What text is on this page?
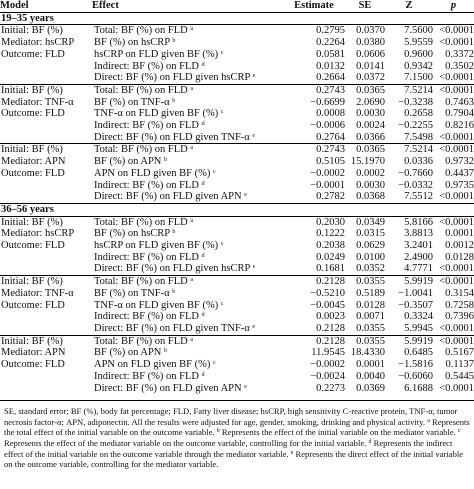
Model	Effect	Estimate	SE	Z	p
19–35 years					
Initial: BF (%)	Total: BF (%) on FLD $^a$	0.2795	0.0370	7.5600	<0.0001
Mediator: hsCRP	BF (%) on hsCRP $^b$	0.2264	0.0380	5.9559	<0.0001
Outcome: FLD	hsCRP on FLD given BF (%) $^c$	0.0581	0.0606	0.9600	0.3372
	Indirect: BF (%) on FLD $^d$	0.0132	0.0141	0.9342	0.3502
	Direct: BF (%) on FLD given hsCRP $^e$	0.2664	0.0372	7.1500	<0.0001
Initial: BF (%)	Total: BF (%) on FLD $^a$	0.2743	0.0365	7.5214	<0.0001
Mediator: TNF-α	BF (%) on TNF-α $^b$	−0.6699	2.0690	−0.3238	0.7463
Outcome: FLD	TNF-α on FLD given BF (%) $^c$	0.0008	0.0030	0.2658	0.7904
	Indirect: BF (%) on FLD $^d$	−0.0006	0.0024	−0.2255	0.8216
	Direct: BF (%) on FLD given TNF-α $^e$	0.2764	0.0366	7.5498	<0.0001
Initial: BF (%)	Total: BF (%) on FLD $^a$	0.2743	0.0365	7.5214	<0.0001
Mediator: APN	BF (%) on APN $^b$	0.5105	15.1970	0.0336	0.9732
Outcome: FLD	APN on FLD given BF (%) $^c$	−0.0002	0.0002	−0.7660	0.4437
	Indirect: BF (%) on FLD $^d$	−0.0001	0.0030	−0.0332	0.9735
	Direct: BF (%) on FLD given APN $^e$	0.2782	0.0368	7.5512	<0.0001
36–56 years					
Initial: BF (%)	Total: BF (%) on FLD $^a$	0.2030	0.0349	5.8166	<0.0001
Mediator: hsCRP	BF (%) on hsCRP $^b$	0.1222	0.0315	3.8813	0.0001
Outcome: FLD	hsCRP on FLD given BF (%) $^c$	0.2038	0.0629	3.2401	0.0012
	Indirect: BF (%) on FLD $^d$	0.0249	0.0100	2.4900	0.0128
	Direct: BF (%) on FLD given hsCRP $^e$	0.1681	0.0352	4.7771	<0.0001
Initial: BF (%)	Total: BF (%) on FLD $^a$	0.2128	0.0355	5.9919	<0.0001
Mediator: TNF-α	BF (%) on TNF-α $^b$	−0.5210	0.5189	−1.0041	0.3154
Outcome: FLD	TNF-α on FLD given BF (%) $^c$	−0.0045	0.0128	−0.3507	0.7258
	Indirect: BF (%) on FLD $^d$	0.0023	0.0071	0.3324	0.7396
	Direct: BF (%) on FLD given TNF-α $^e$	0.2128	0.0355	5.9945	<0.0001
Initial: BF (%)	Total: BF (%) on FLD $^a$	0.2128	0.0355	5.9919	<0.0001
Mediator: APN	BF (%) on APN $^b$	11.9545	18.4330	0.6485	0.5167
Outcome: FLD	APN on FLD given BF (%) $^c$	−0.0002	0.0001	−1.5816	0.1137
	Indirect: BF (%) on FLD $^d$	−0.0024	0.0040	−0.6060	0.5445
	Direct: BF (%) on FLD given APN $^e$	0.2273	0.0369	6.1688	<0.0001
SE, standard error; BF (%), body fat percentage; FLD, Fatty liver disease; hsCRP, high sensitivity C-reactive protein, TNF-α, tumor necrosis factor-α; APN, adiponectin. All the results were adjusted for age, gender, smoking, drinking and physical activity. $^a$ Represents the total effect of the initial variable on the outcome variable. $^b$ Represents the effect of the initial variable on the mediator variable. $^c$ Represents the effect of the mediator variable on the outcome variable, controlling for the initial variable. $^d$ Represents the indirect effect of the initial variable on the outcome variable through the mediator variable. $^e$ Represents the direct effect of the initial variable on the outcome variable, controlling for the mediator variable.
